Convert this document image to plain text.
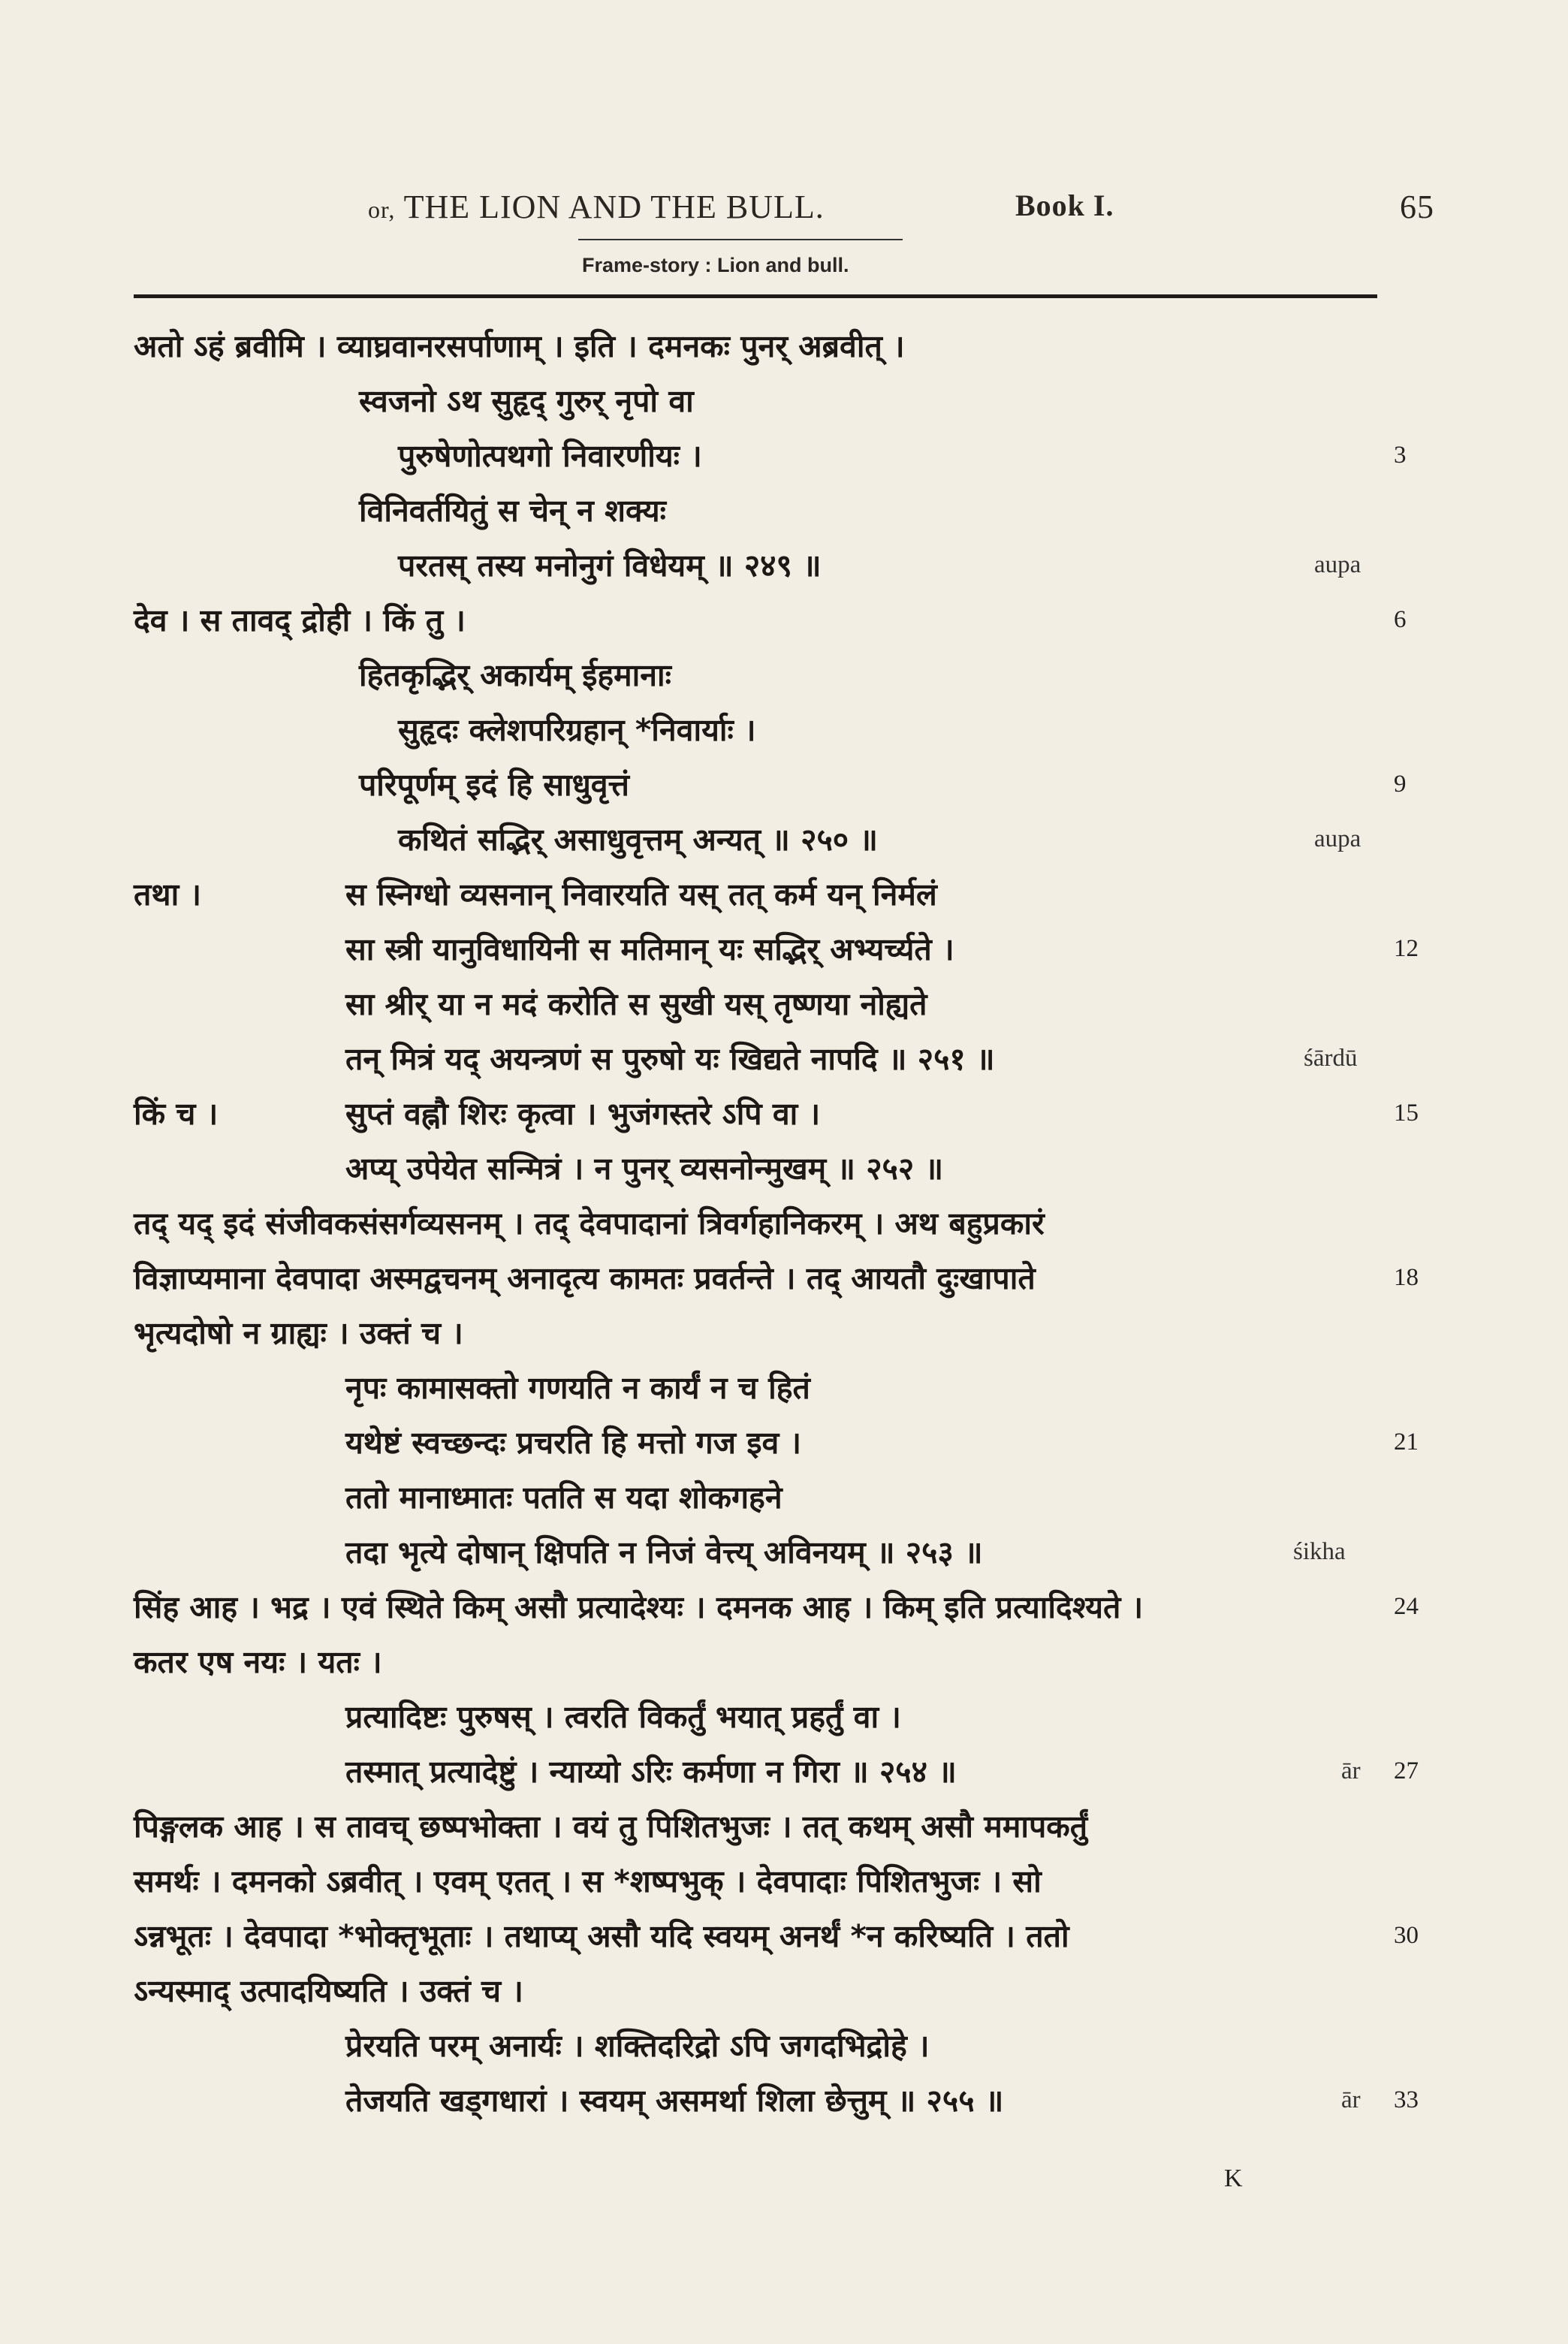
or, THE LION AND THE BULL.	Book I.	65
Frame-story : Lion and bull.
अतो ऽहं ब्रवीमि । व्याघ्रवानरसर्पाणाम् । इति । दमनकः पुनर् अब्रवीत् ।
स्वजनो ऽथ सुहृद् गुरुर् नृपो वा
पुरुषेणोत्पथगो निवारणीयः ।
विनिवर्तयितुं स चेन् न शक्यः
परतस् तस्य मनोनुगं विधेयम् ॥ २४९ ॥
देव । स तावद् द्रोही । किं तु ।
हितकृद्भिर् अकार्यम् ईहमानाः
सुहृदः क्लेशपरिग्रहान् *निवार्याः ।
परिपूर्णम् इदं हि साधुवृत्तं
कथितं सद्भिर् असाधुवृत्तम् अन्यत् ॥ २५० ॥
तथा ।	स स्निग्धो व्यसनान् निवारयति यस् तत् कर्म यन् निर्मलं
सा स्त्री यानुविधायिनी स मतिमान् यः सद्भिर् अभ्यर्च्यते ।
सा श्रीर् या न मदं करोति स सुखी यस् तृष्णया नोह्यते
तन् मित्रं यद् अयन्त्रणं स पुरुषो यः खिद्यते नापदि ॥ २५१ ॥
किं च ।	सुप्तं वह्नौ शिरः कृत्वा । भुजंगस्तरे ऽपि वा ।
अप्य् उपेयेत सन्मित्रं । न पुनर् व्यसनोन्मुखम् ॥ २५२ ॥
तद् यद् इदं संजीवकसंसर्गव्यसनम् । तद् देवपादानां त्रिवर्गहानिकरम् । अथ बहुप्रकारं
विज्ञाप्यमाना देवपादा अस्मद्वचनम् अनादृत्य कामतः प्रवर्तन्ते । तद् आयतौ दुःखापाते
भृत्यदोषो न ग्राह्यः । उक्तं च ।
नृपः कामासक्तो गणयति न कार्यं न च हितं
यथेष्टं स्वच्छन्दः प्रचरति हि मत्तो गज इव ।
ततो मानाध्मातः पतति स यदा शोकगहने
तदा भृत्ये दोषान् क्षिपति न निजं वेत्त्य् अविनयम् ॥ २५३ ॥
सिंह आह । भद्र । एवं स्थिते किम् असौ प्रत्यादेश्यः । दमनक आह । किम् इति प्रत्यादिश्यते ।
कतर एष नयः । यतः ।
प्रत्यादिष्टः पुरुषस् । त्वरति विकर्तुं भयात् प्रहर्तुं वा ।
तस्मात् प्रत्यादेष्टुं । न्याय्यो ऽरिः कर्मणा न गिरा ॥ २५४ ॥
पिङ्गलक आह । स तावच् छष्पभोक्ता । वयं तु पिशितभुजः । तत् कथम् असौ ममापकर्तुं
समर्थः । दमनको ऽब्रवीत् । एवम् एतत् । स *शष्पभुक् । देवपादाः पिशितभुजः । सो
ऽन्नभूतः । देवपादा *भोक्तृभूताः । तथाप्य् असौ यदि स्वयम् अनर्थं *न करिष्यति । ततो
ऽन्यस्माद् उत्पादयिष्यति । उक्तं च ।
प्रेरयति परम् अनार्यः । शक्तिदरिद्रो ऽपि जगदभिद्रोहे ।
तेजयति खड्गधारां । स्वयम् असमर्था शिला छेत्तुम् ॥ २५५ ॥
3
6
9
12
15
18
21
24
27
30
33
aupa
aupa
śārdū
śikha
ār
ār
K
